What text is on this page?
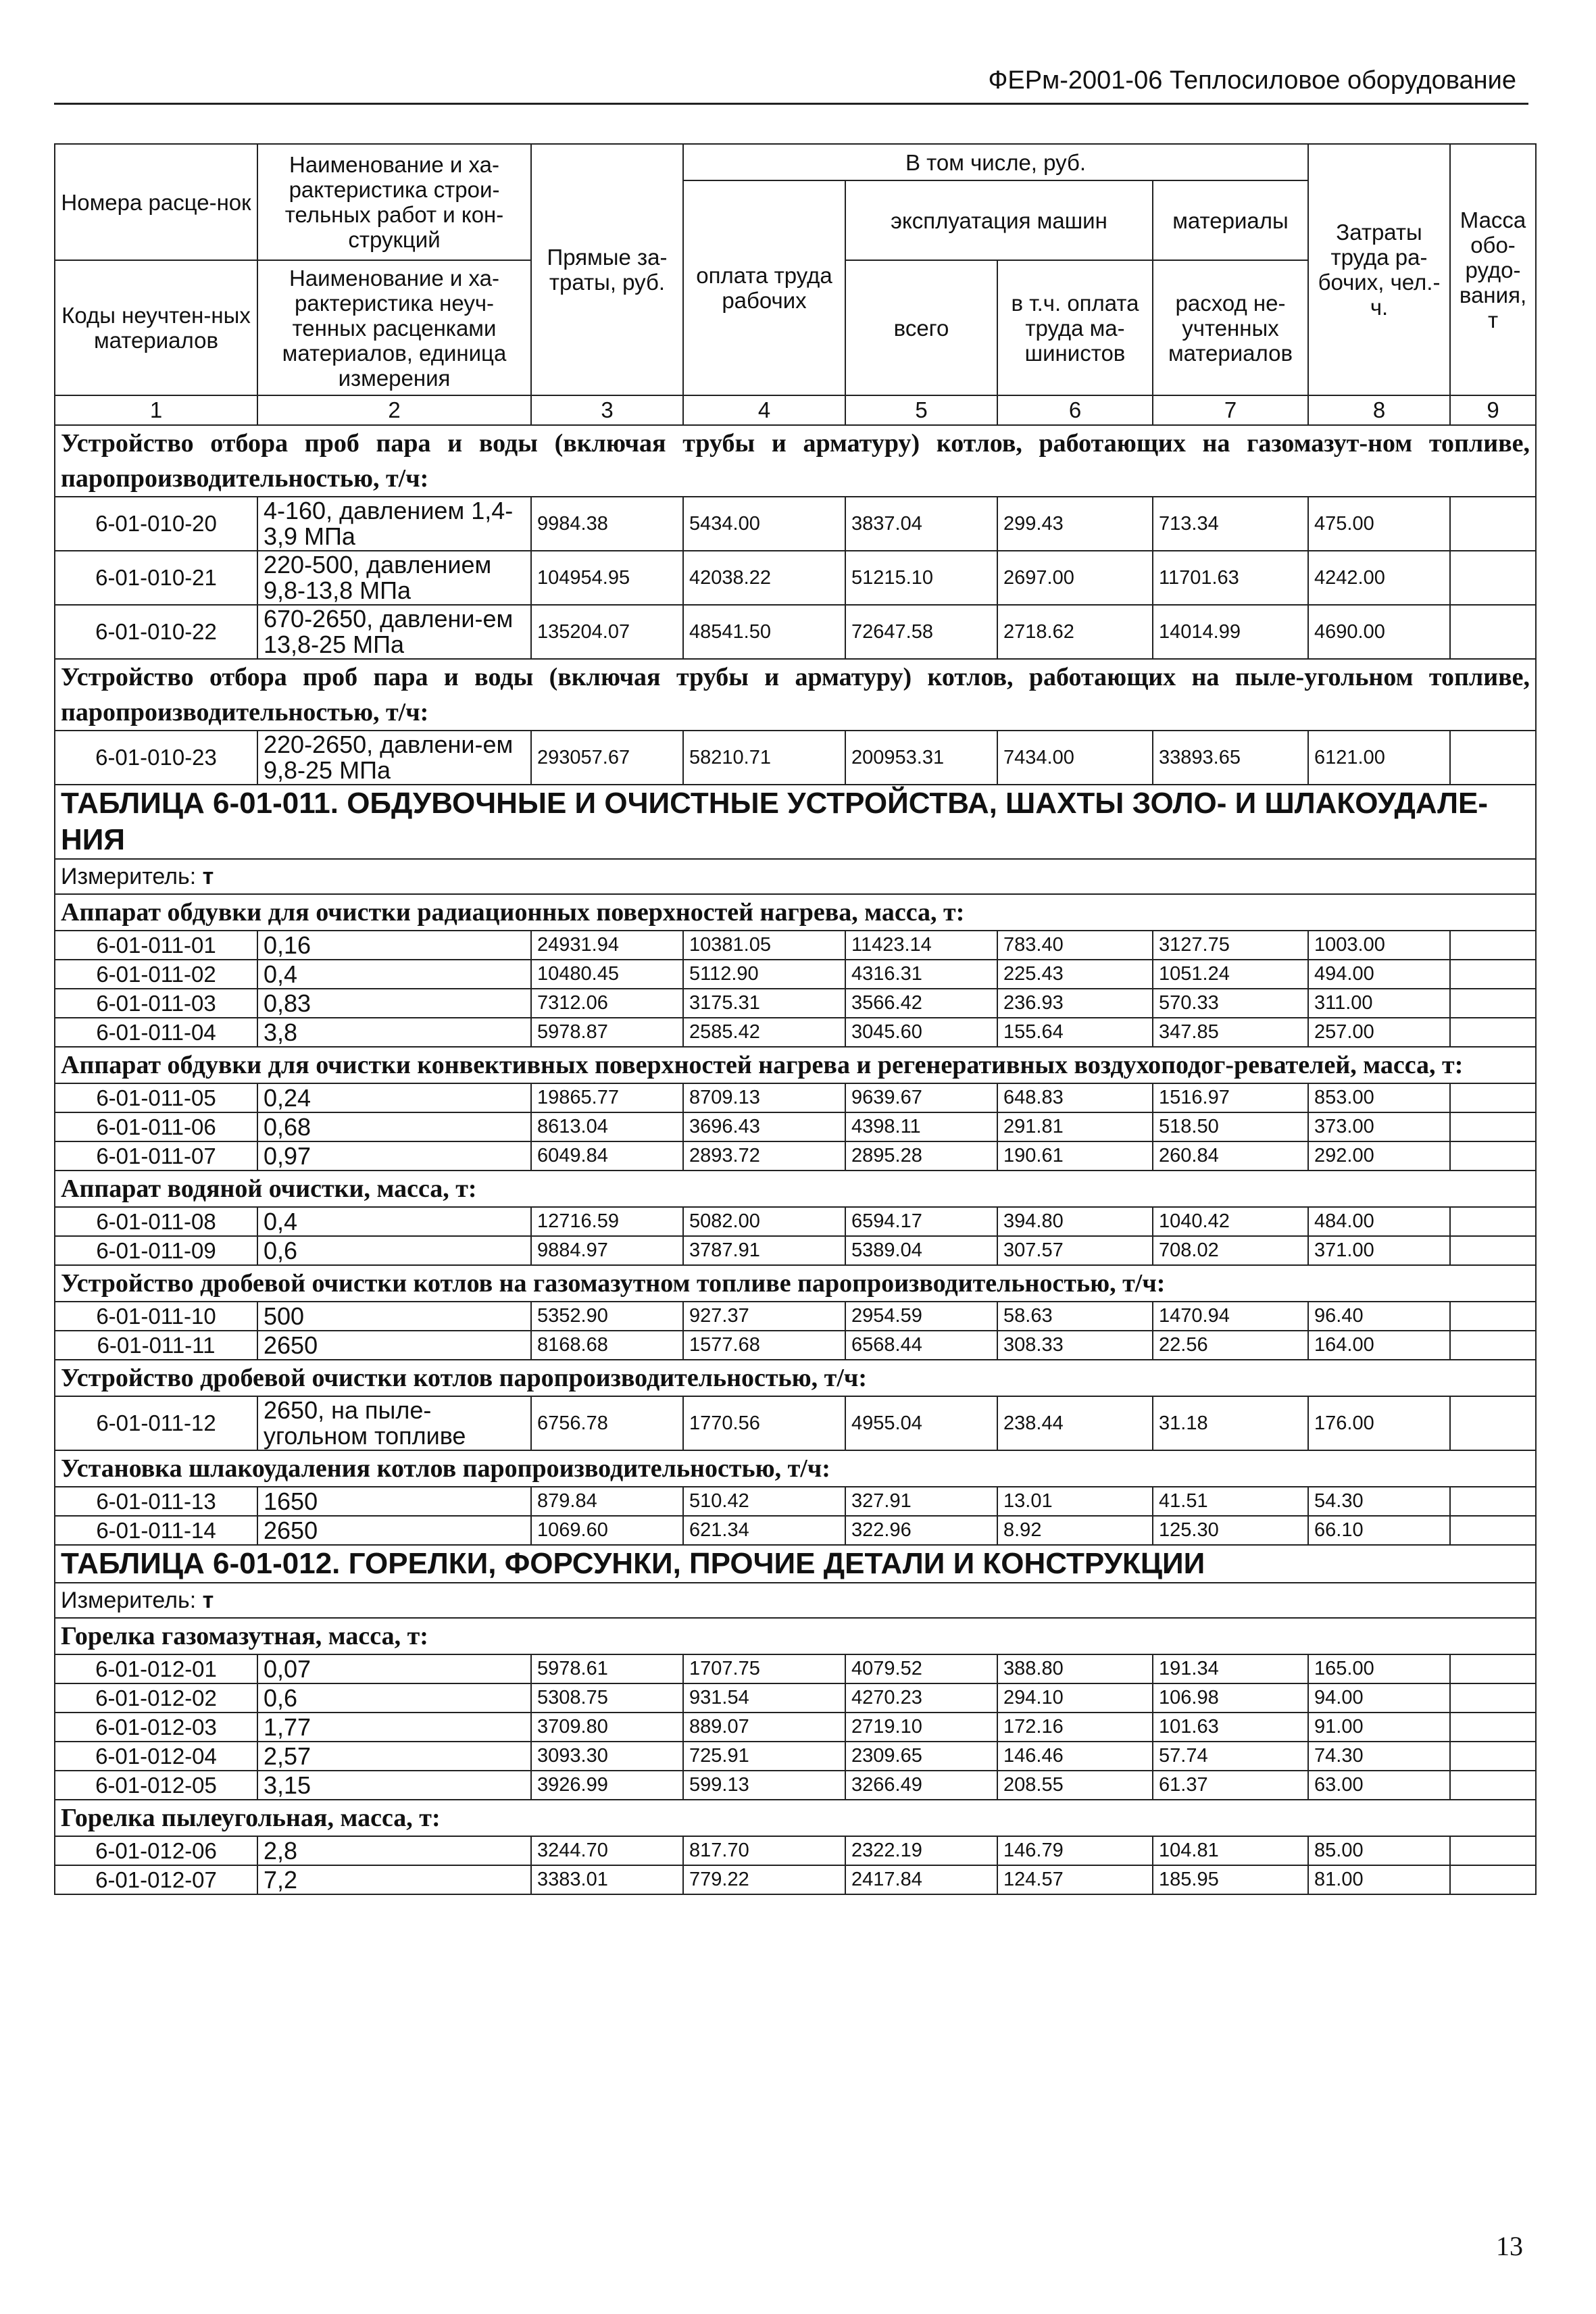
ФЕРм-2001-06 Теплосиловое оборудование
Номера расце-нок	Наименование и ха-рактеристика строи-тельных работ и кон-струкций	Прямые за-траты, руб.	В том числе, руб.				Затраты труда ра-бочих, чел.-ч.	Масса обо-рудо-вания, т
			оплата труда рабочих	эксплуатация машин		материалы		
Коды неучтен-ных материалов	Наименование и ха-рактеристика неуч-тенных расценками материалов, единица измерения			всего	в т.ч. оплата труда ма-шинистов	расход не-учтенных материалов		
1	2	3	4	5	6	7	8	9

Устройство отбора проб пара и воды (включая трубы и арматуру) котлов, работающих на газомазут-ном топливе, паропроизводительностью, т/ч:								

6-01-010-20	4-160, давлением 1,4-3,9 МПа	9984.38	5434.00	3837.04	299.43	713.34	475.00	
6-01-010-21	220-500, давлением 9,8-13,8 МПа	104954.95	42038.22	51215.10	2697.00	11701.63	4242.00	
6-01-010-22	670-2650, давлени-ем 13,8-25 МПа	135204.07	48541.50	72647.58	2718.62	14014.99	4690.00	

Устройство отбора проб пара и воды (включая трубы и арматуру) котлов, работающих на пыле-угольном топливе, паропроизводительностью, т/ч:								

6-01-010-23	220-2650, давлени-ем 9,8-25 МПа	293057.67	58210.71	200953.31	7434.00	33893.65	6121.00	
ТАБЛИЦА 6-01-011. ОБДУВОЧНЫЕ И ОЧИСТНЫЕ УСТРОЙСТВА, ШАХТЫ ЗОЛО- И ШЛАКОУДАЛЕ-НИЯ								
Измеритель: т								

Аппарат обдувки для очистки радиационных поверхностей нагрева, масса, т:								

6-01-011-01	0,16	24931.94	10381.05	11423.14	783.40	3127.75	1003.00	
6-01-011-02	0,4	10480.45	5112.90	4316.31	225.43	1051.24	494.00	
6-01-011-03	0,83	7312.06	3175.31	3566.42	236.93	570.33	311.00	
6-01-011-04	3,8	5978.87	2585.42	3045.60	155.64	347.85	257.00	

Аппарат обдувки для очистки конвективных поверхностей нагрева и регенеративных воздухоподог-ревателей, масса, т:								

6-01-011-05	0,24	19865.77	8709.13	9639.67	648.83	1516.97	853.00	
6-01-011-06	0,68	8613.04	3696.43	4398.11	291.81	518.50	373.00	
6-01-011-07	0,97	6049.84	2893.72	2895.28	190.61	260.84	292.00	

Аппарат водяной очистки, масса, т:								

6-01-011-08	0,4	12716.59	5082.00	6594.17	394.80	1040.42	484.00	
6-01-011-09	0,6	9884.97	3787.91	5389.04	307.57	708.02	371.00	

Устройство дробевой очистки котлов на газомазутном топливе паропроизводительностью, т/ч:								

6-01-011-10	500	5352.90	927.37	2954.59	58.63	1470.94	96.40	
6-01-011-11	2650	8168.68	1577.68	6568.44	308.33	22.56	164.00	

Устройство дробевой очистки котлов паропроизводительностью, т/ч:								

6-01-011-12	2650, на пыле-угольном топливе	6756.78	1770.56	4955.04	238.44	31.18	176.00	

Установка шлакоудаления котлов паропроизводительностью, т/ч:								

6-01-011-13	1650	879.84	510.42	327.91	13.01	41.51	54.30	
6-01-011-14	2650	1069.60	621.34	322.96	8.92	125.30	66.10	
ТАБЛИЦА 6-01-012. ГОРЕЛКИ, ФОРСУНКИ, ПРОЧИЕ ДЕТАЛИ И КОНСТРУКЦИИ								
Измеритель: т								

Горелка газомазутная, масса, т:								

6-01-012-01	0,07	5978.61	1707.75	4079.52	388.80	191.34	165.00	
6-01-012-02	0,6	5308.75	931.54	4270.23	294.10	106.98	94.00	
6-01-012-03	1,77	3709.80	889.07	2719.10	172.16	101.63	91.00	
6-01-012-04	2,57	3093.30	725.91	2309.65	146.46	57.74	74.30	
6-01-012-05	3,15	3926.99	599.13	3266.49	208.55	61.37	63.00	

Горелка пылеугольная, масса, т:								

6-01-012-06	2,8	3244.70	817.70	2322.19	146.79	104.81	85.00	
6-01-012-07	7,2	3383.01	779.22	2417.84	124.57	185.95	81.00	
13
